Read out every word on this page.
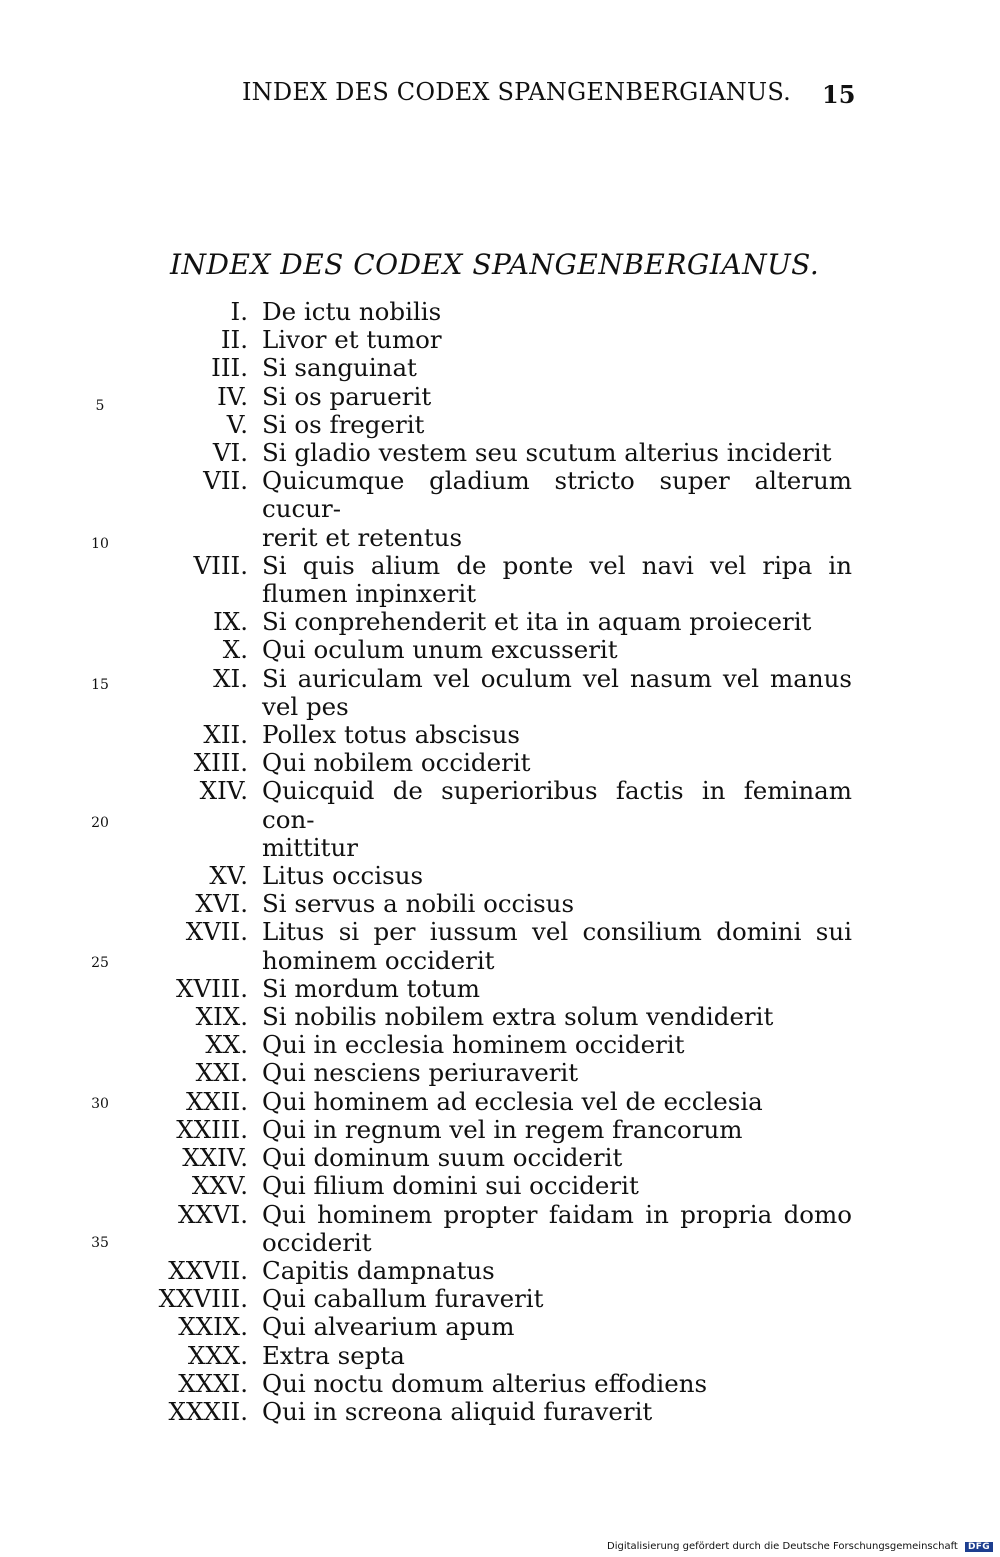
INDEX DES CODEX SPANGENBERGIANUS. 15
INDEX DES CODEX SPANGENBERGIANUS.
I. De ictu nobilis
II. Livor et tumor
III. Si sanguinat
IV. Si os paruerit
V. Si os fregerit
VI. Si gladio vestem seu scutum alterius inciderit
VII. Quicumque gladium stricto super alterum cucur-
rerit et retentus
VIII. Si quis alium de ponte vel navi vel ripa in
flumen inpinxerit
IX. Si conprehenderit et ita in aquam proiecerit
X. Qui oculum unum excusserit
XI. Si auriculam vel oculum vel nasum vel manus
vel pes
XII. Pollex totus abscisus
XIII. Qui nobilem occiderit
XIV. Quicquid de superioribus factis in feminam con-
mittitur
XV. Litus occisus
XVI. Si servus a nobili occisus
XVII. Litus si per iussum vel consilium domini sui
hominem occiderit
XVIII. Si mordum totum
XIX. Si nobilis nobilem extra solum vendiderit
XX. Qui in ecclesia hominem occiderit
XXI. Qui nesciens periuraverit
XXII. Qui hominem ad ecclesia vel de ecclesia
XXIII. Qui in regnum vel in regem francorum
XXIV. Qui dominum suum occiderit
XXV. Qui filium domini sui occiderit
XXVI. Qui hominem propter faidam in propria domo
occiderit
XXVII. Capitis dampnatus
XXVIII. Qui caballum furaverit
XXIX. Qui alvearium apum
XXX. Extra septa
XXXI. Qui noctu domum alterius effodiens
XXXII. Qui in screona aliquid furaverit
5
10
15
20
25
30
35
Digitalisierung gefördert durch die Deutsche Forschungsgemeinschaft DFG
